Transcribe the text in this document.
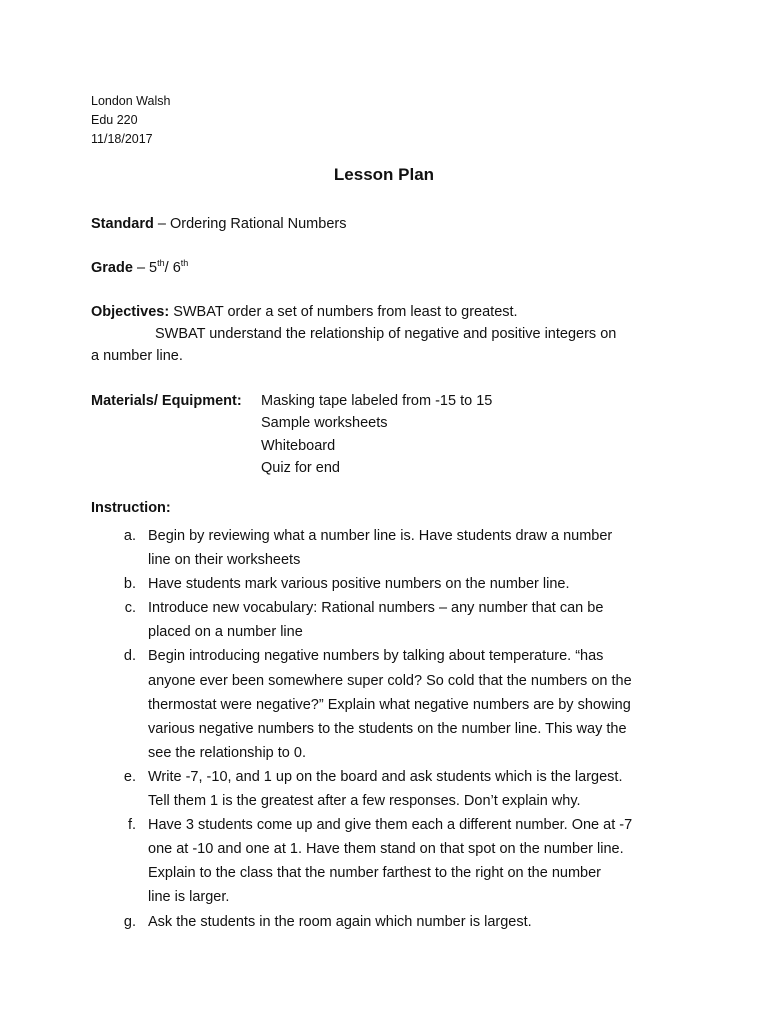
London Walsh
Edu 220
11/18/2017
Lesson Plan
Standard – Ordering Rational Numbers
Grade – 5th/ 6th
Objectives: SWBAT order a set of numbers from least to greatest.
SWBAT understand the relationship of negative and positive integers on
a number line.
Materials/ Equipment: Masking tape labeled from -15 to 15
Sample worksheets
Whiteboard
Quiz for end
Instruction:
a. Begin by reviewing what a number line is. Have students draw a number
line on their worksheets
b. Have students mark various positive numbers on the number line.
c. Introduce new vocabulary: Rational numbers – any number that can be
placed on a number line
d. Begin introducing negative numbers by talking about temperature. “has
anyone ever been somewhere super cold? So cold that the numbers on the
thermostat were negative?” Explain what negative numbers are by showing
various negative numbers to the students on the number line. This way the
see the relationship to 0.
e. Write -7, -10, and 1 up on the board and ask students which is the largest.
Tell them 1 is the greatest after a few responses. Don’t explain why.
f. Have 3 students come up and give them each a different number. One at -7
one at -10 and one at 1. Have them stand on that spot on the number line.
Explain to the class that the number farthest to the right on the number
line is larger.
g. Ask the students in the room again which number is largest.
